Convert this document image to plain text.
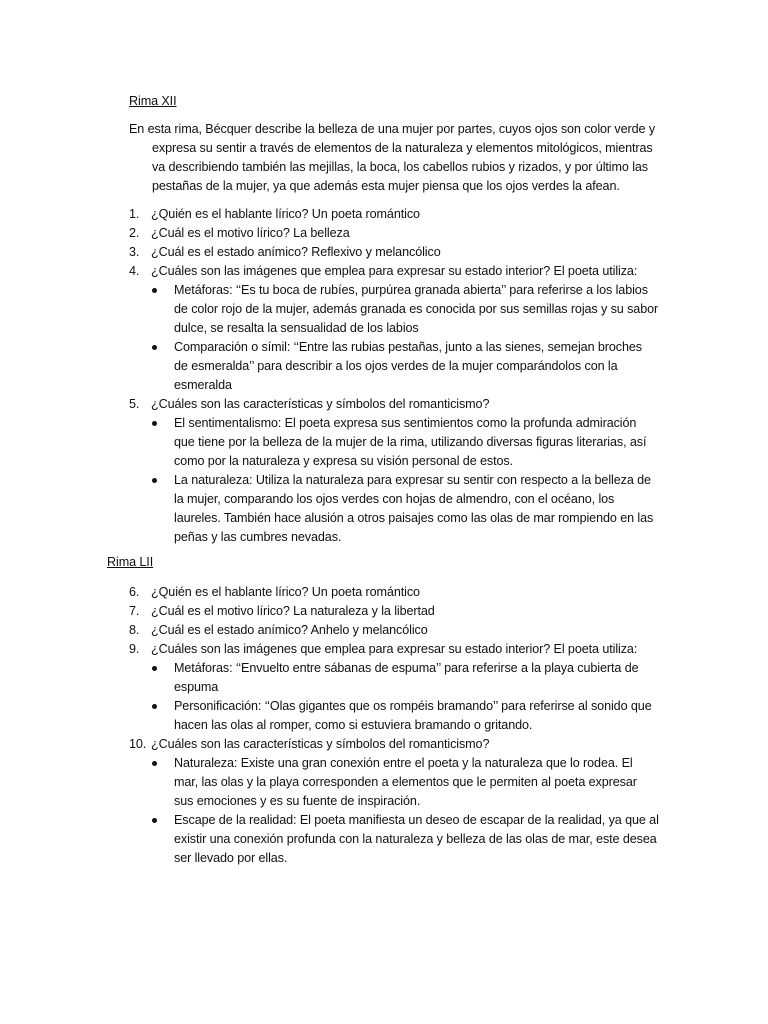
Rima XII
En esta rima, Bécquer describe la belleza de una mujer por partes, cuyos ojos son color verde y
expresa su sentir a través de elementos de la naturaleza y elementos mitológicos, mientras
va describiendo también las mejillas, la boca, los cabellos rubios y rizados, y por último las
pestañas de la mujer, ya que además esta mujer piensa que los ojos verdes la afean.
1. ¿Quién es el hablante lírico? Un poeta romántico
2. ¿Cuál es el motivo lírico? La belleza
3. ¿Cuál es el estado anímico? Reflexivo y melancólico
4. ¿Cuáles son las imágenes que emplea para expresar su estado interior? El poeta utiliza:
Metáforas: ‘‘Es tu boca de rubíes, purpúrea granada abierta’’ para referirse a los labios
de color rojo de la mujer, además granada es conocida por sus semillas rojas y su sabor
dulce, se resalta la sensualidad de los labios
Comparación o símil: ‘‘Entre las rubias pestañas, junto a las sienes, semejan broches
de esmeralda’’ para describir a los ojos verdes de la mujer comparándolos con la
esmeralda
5. ¿Cuáles son las características y símbolos del romanticismo?
El sentimentalismo: El poeta expresa sus sentimientos como la profunda admiración
que tiene por la belleza de la mujer de la rima, utilizando diversas figuras literarias, así
como por la naturaleza y expresa su visión personal de estos.
La naturaleza: Utiliza la naturaleza para expresar su sentir con respecto a la belleza de
la mujer, comparando los ojos verdes con hojas de almendro, con el océano, los
laureles. También hace alusión a otros paisajes como las olas de mar rompiendo en las
peñas y las cumbres nevadas.
Rima LII
6. ¿Quién es el hablante lírico? Un poeta romántico
7. ¿Cuál es el motivo lírico? La naturaleza y la libertad
8. ¿Cuál es el estado anímico? Anhelo y melancólico
9. ¿Cuáles son las imágenes que emplea para expresar su estado interior? El poeta utiliza:
Metáforas: ‘‘Envuelto entre sábanas de espuma’’ para referirse a la playa cubierta de
espuma
Personificación: ‘‘Olas gigantes que os rompéis bramando’’ para referirse al sonido que
hacen las olas al romper, como si estuviera bramando o gritando.
10. ¿Cuáles son las características y símbolos del romanticismo?
Naturaleza: Existe una gran conexión entre el poeta y la naturaleza que lo rodea. El
mar, las olas y la playa corresponden a elementos que le permiten al poeta expresar
sus emociones y es su fuente de inspiración.
Escape de la realidad: El poeta manifiesta un deseo de escapar de la realidad, ya que al
existir una conexión profunda con la naturaleza y belleza de las olas de mar, este desea
ser llevado por ellas.
